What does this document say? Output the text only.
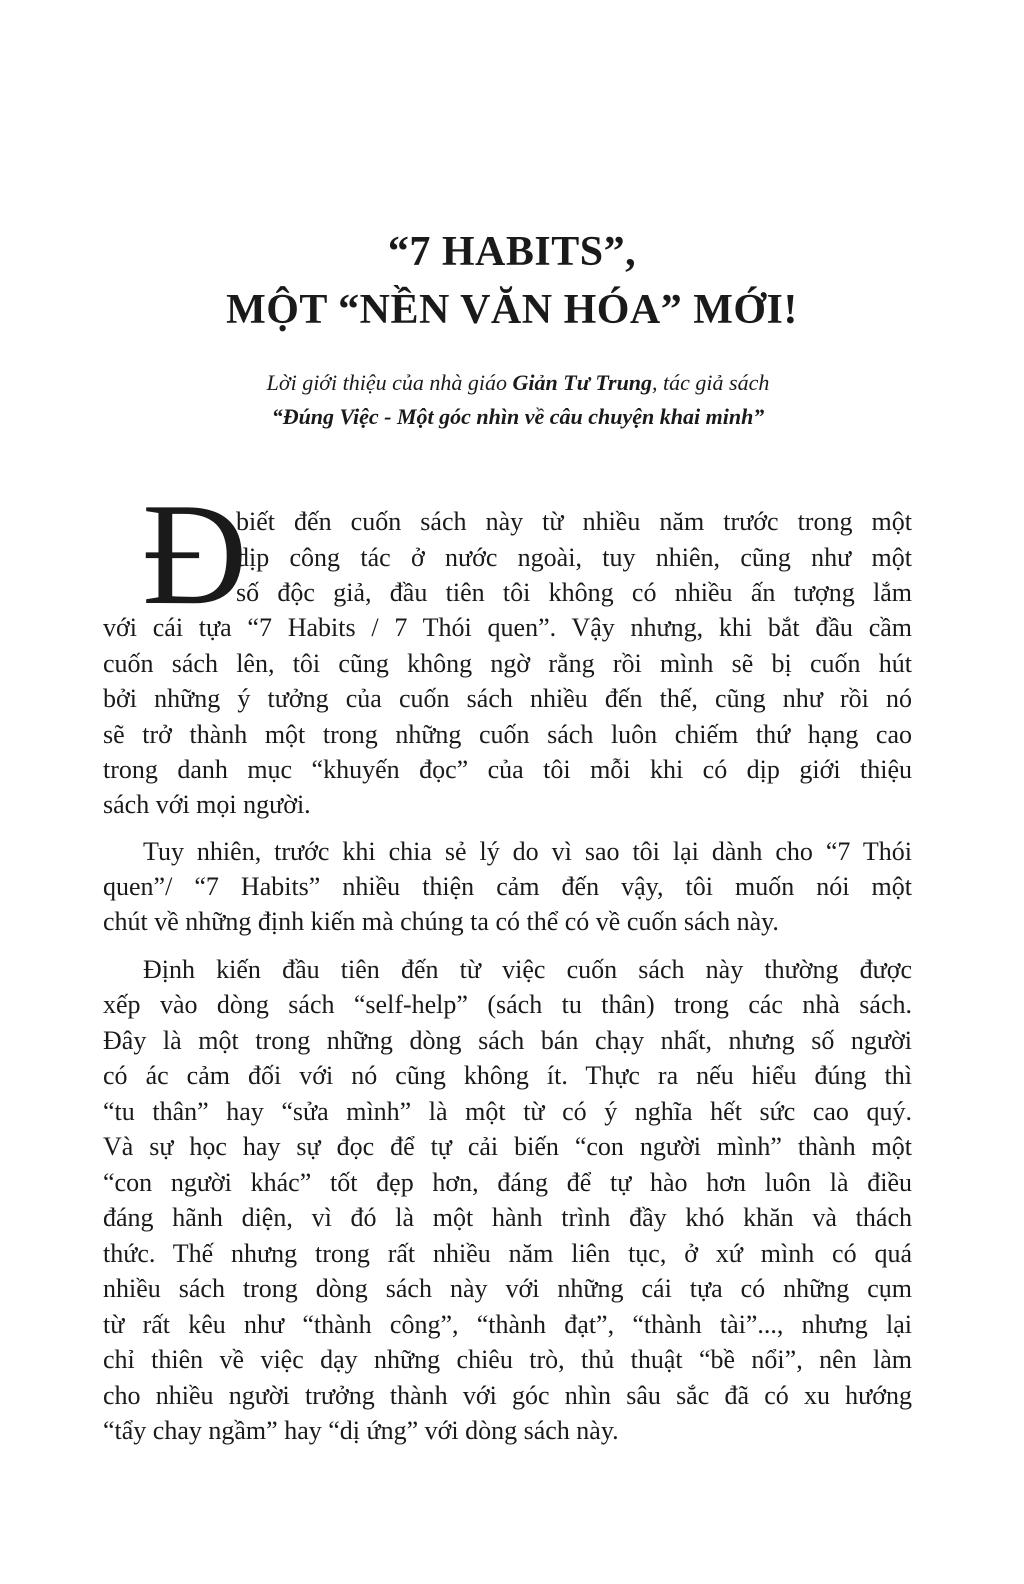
“7 HABITS”,
MỘT “NỀN VĂN HÓA” MỚI!

Lời giới thiệu của nhà giáo Giản Tư Trung, tác giả sách

“Đúng Việc - Một góc nhìn về câu chuyện khai minh”

Đ

biết đến cuốn sách này từ nhiều năm trước trong một

dịp công tác ở nước ngoài, tuy nhiên, cũng như một

số độc giả, đầu tiên tôi không có nhiều ấn tượng lắm

với cái tựa “7 Habits / 7 Thói quen”. Vậy nhưng, khi bắt đầu cầm

cuốn sách lên, tôi cũng không ngờ rằng rồi mình sẽ bị cuốn hút

bởi những ý tưởng của cuốn sách nhiều đến thế, cũng như rồi nó

sẽ trở thành một trong những cuốn sách luôn chiếm thứ hạng cao

trong danh mục “khuyến đọc” của tôi mỗi khi có dịp giới thiệu

sách với mọi người.

Tuy nhiên, trước khi chia sẻ lý do vì sao tôi lại dành cho “7 Thói

quen”/ “7 Habits” nhiều thiện cảm đến vậy, tôi muốn nói một

chút về những định kiến mà chúng ta có thể có về cuốn sách này.

Định kiến đầu tiên đến từ việc cuốn sách này thường được

xếp vào dòng sách “self-help” (sách tu thân) trong các nhà sách.

Đây là một trong những dòng sách bán chạy nhất, nhưng số người

có ác cảm đối với nó cũng không ít. Thực ra nếu hiểu đúng thì

“tu thân” hay “sửa mình” là một từ có ý nghĩa hết sức cao quý.

Và sự học hay sự đọc để tự cải biến “con người mình” thành một

“con người khác” tốt đẹp hơn, đáng để tự hào hơn luôn là điều

đáng hãnh diện, vì đó là một hành trình đầy khó khăn và thách

thức. Thế nhưng trong rất nhiều năm liên tục, ở xứ mình có quá

nhiều sách trong dòng sách này với những cái tựa có những cụm

từ rất kêu như “thành công”, “thành đạt”, “thành tài”..., nhưng lại

chỉ thiên về việc dạy những chiêu trò, thủ thuật “bề nổi”, nên làm

cho nhiều người trưởng thành với góc nhìn sâu sắc đã có xu hướng

“tẩy chay ngầm” hay “dị ứng” với dòng sách này.
